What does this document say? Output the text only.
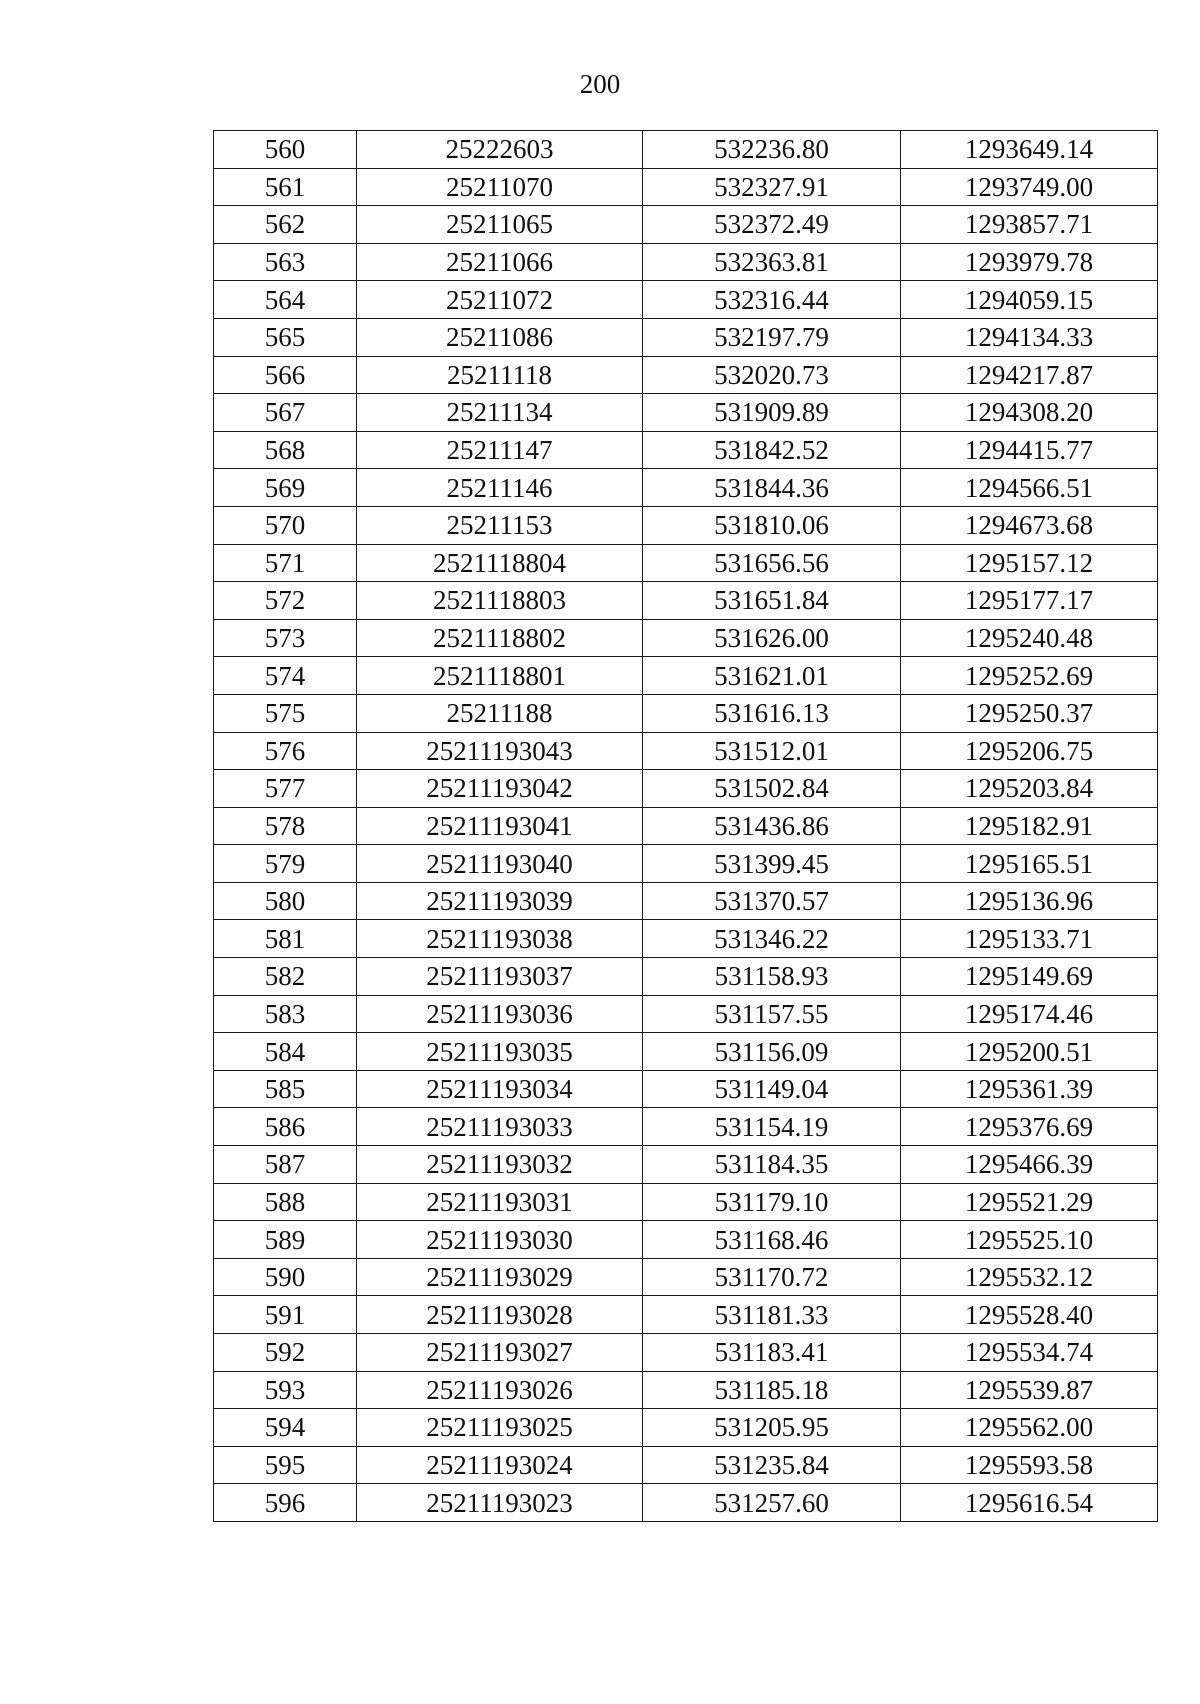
200
560	25222603	532236.80	1293649.14
561	25211070	532327.91	1293749.00
562	25211065	532372.49	1293857.71
563	25211066	532363.81	1293979.78
564	25211072	532316.44	1294059.15
565	25211086	532197.79	1294134.33
566	25211118	532020.73	1294217.87
567	25211134	531909.89	1294308.20
568	25211147	531842.52	1294415.77
569	25211146	531844.36	1294566.51
570	25211153	531810.06	1294673.68
571	2521118804	531656.56	1295157.12
572	2521118803	531651.84	1295177.17
573	2521118802	531626.00	1295240.48
574	2521118801	531621.01	1295252.69
575	25211188	531616.13	1295250.37
576	25211193043	531512.01	1295206.75
577	25211193042	531502.84	1295203.84
578	25211193041	531436.86	1295182.91
579	25211193040	531399.45	1295165.51
580	25211193039	531370.57	1295136.96
581	25211193038	531346.22	1295133.71
582	25211193037	531158.93	1295149.69
583	25211193036	531157.55	1295174.46
584	25211193035	531156.09	1295200.51
585	25211193034	531149.04	1295361.39
586	25211193033	531154.19	1295376.69
587	25211193032	531184.35	1295466.39
588	25211193031	531179.10	1295521.29
589	25211193030	531168.46	1295525.10
590	25211193029	531170.72	1295532.12
591	25211193028	531181.33	1295528.40
592	25211193027	531183.41	1295534.74
593	25211193026	531185.18	1295539.87
594	25211193025	531205.95	1295562.00
595	25211193024	531235.84	1295593.58
596	25211193023	531257.60	1295616.54
